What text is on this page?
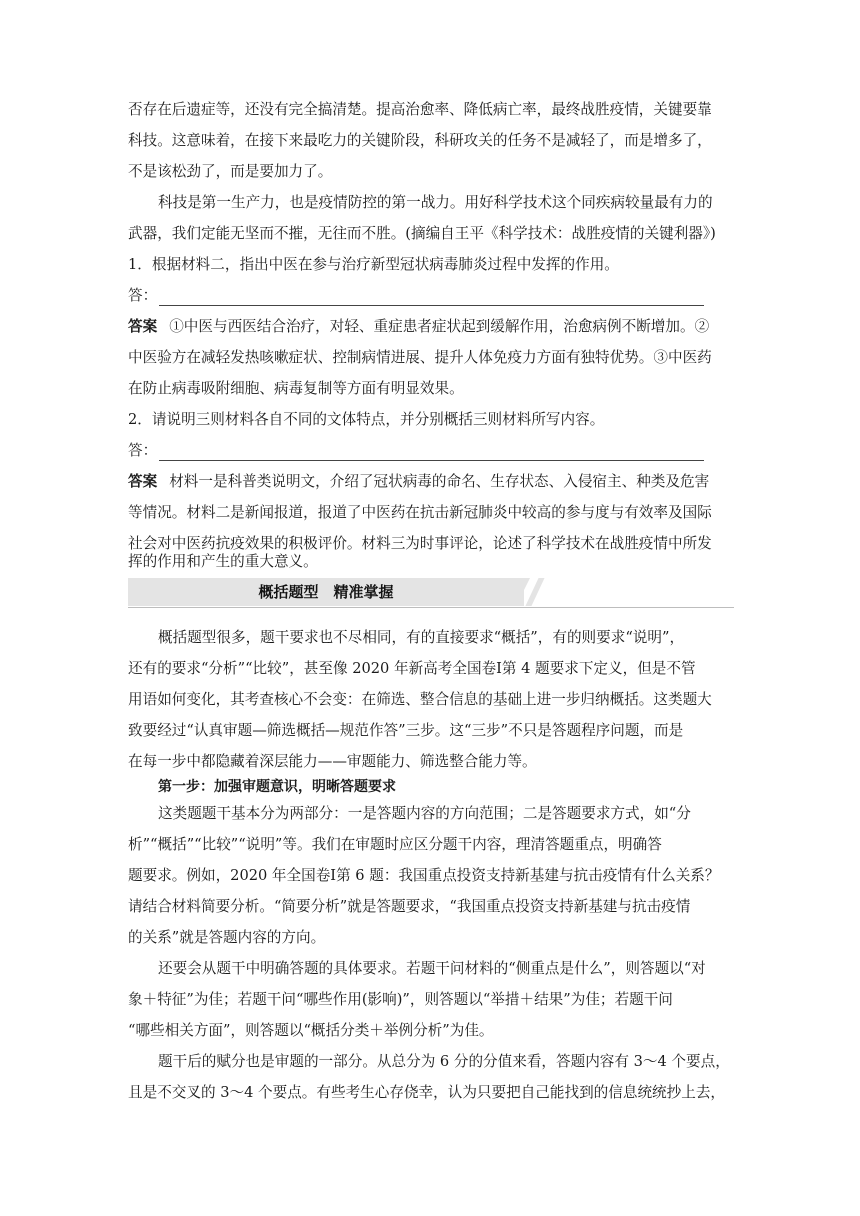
否存在后遗症等，还没有完全搞清楚。提高治愈率、降低病亡率，最终战胜疫情，关键要靠
科技。这意味着，在接下来最吃力的关键阶段，科研攻关的任务不是减轻了，而是增多了，
不是该松劲了，而是要加力了。
科技是第一生产力，也是疫情防控的第一战力。用好科学技术这个同疾病较量最有力的
武器，我们定能无坚而不摧，无往而不胜。(摘编自王平《科学技术：战胜疫情的关键利器》)
1．根据材料二，指出中医在参与治疗新型冠状病毒肺炎过程中发挥的作用。
答：
答案 ①中医与西医结合治疗，对轻、重症患者症状起到缓解作用，治愈病例不断增加。②
中医验方在减轻发热咳嗽症状、控制病情进展、提升人体免疫力方面有独特优势。③中医药
在防止病毒吸附细胞、病毒复制等方面有明显效果。
2．请说明三则材料各自不同的文体特点，并分别概括三则材料所写内容。
答：
答案 材料一是科普类说明文，介绍了冠状病毒的命名、生存状态、入侵宿主、种类及危害
等情况。材料二是新闻报道，报道了中医药在抗击新冠肺炎中较高的参与度与有效率及国际
社会对中医药抗疫效果的积极评价。材料三为时事评论，论述了科学技术在战胜疫情中所发
挥的作用和产生的重大意义。
概括题型　精准掌握
概括题型很多，题干要求也不尽相同，有的直接要求“概括”，有的则要求“说明”，
还有的要求“分析”“比较”，甚至像 2020 年新高考全国卷Ⅰ第 4 题要求下定义，但是不管
用语如何变化，其考查核心不会变：在筛选、整合信息的基础上进一步归纳概括。这类题大
致要经过“认真审题—筛选概括—规范作答”三步。这“三步”不只是答题程序问题，而是
在每一步中都隐藏着深层能力——审题能力、筛选整合能力等。
第一步：加强审题意识，明晰答题要求
这类题题干基本分为两部分：一是答题内容的方向范围；二是答题要求方式，如“分
析”“概括”“比较”“说明”等。我们在审题时应区分题干内容，理清答题重点，明确答
题要求。例如，2020 年全国卷Ⅰ第 6 题：我国重点投资支持新基建与抗击疫情有什么关系？
请结合材料简要分析。“简要分析”就是答题要求，“我国重点投资支持新基建与抗击疫情
的关系”就是答题内容的方向。
还要会从题干中明确答题的具体要求。若题干问材料的“侧重点是什么”，则答题以“对
象＋特征”为佳；若题干问“哪些作用(影响)”，则答题以“举措＋结果”为佳；若题干问
“哪些相关方面”，则答题以“概括分类＋举例分析”为佳。
题干后的赋分也是审题的一部分。从总分为 6 分的分值来看，答题内容有 3～4 个要点，
且是不交叉的 3～4 个要点。有些考生心存侥幸，认为只要把自己能找到的信息统统抄上去，
